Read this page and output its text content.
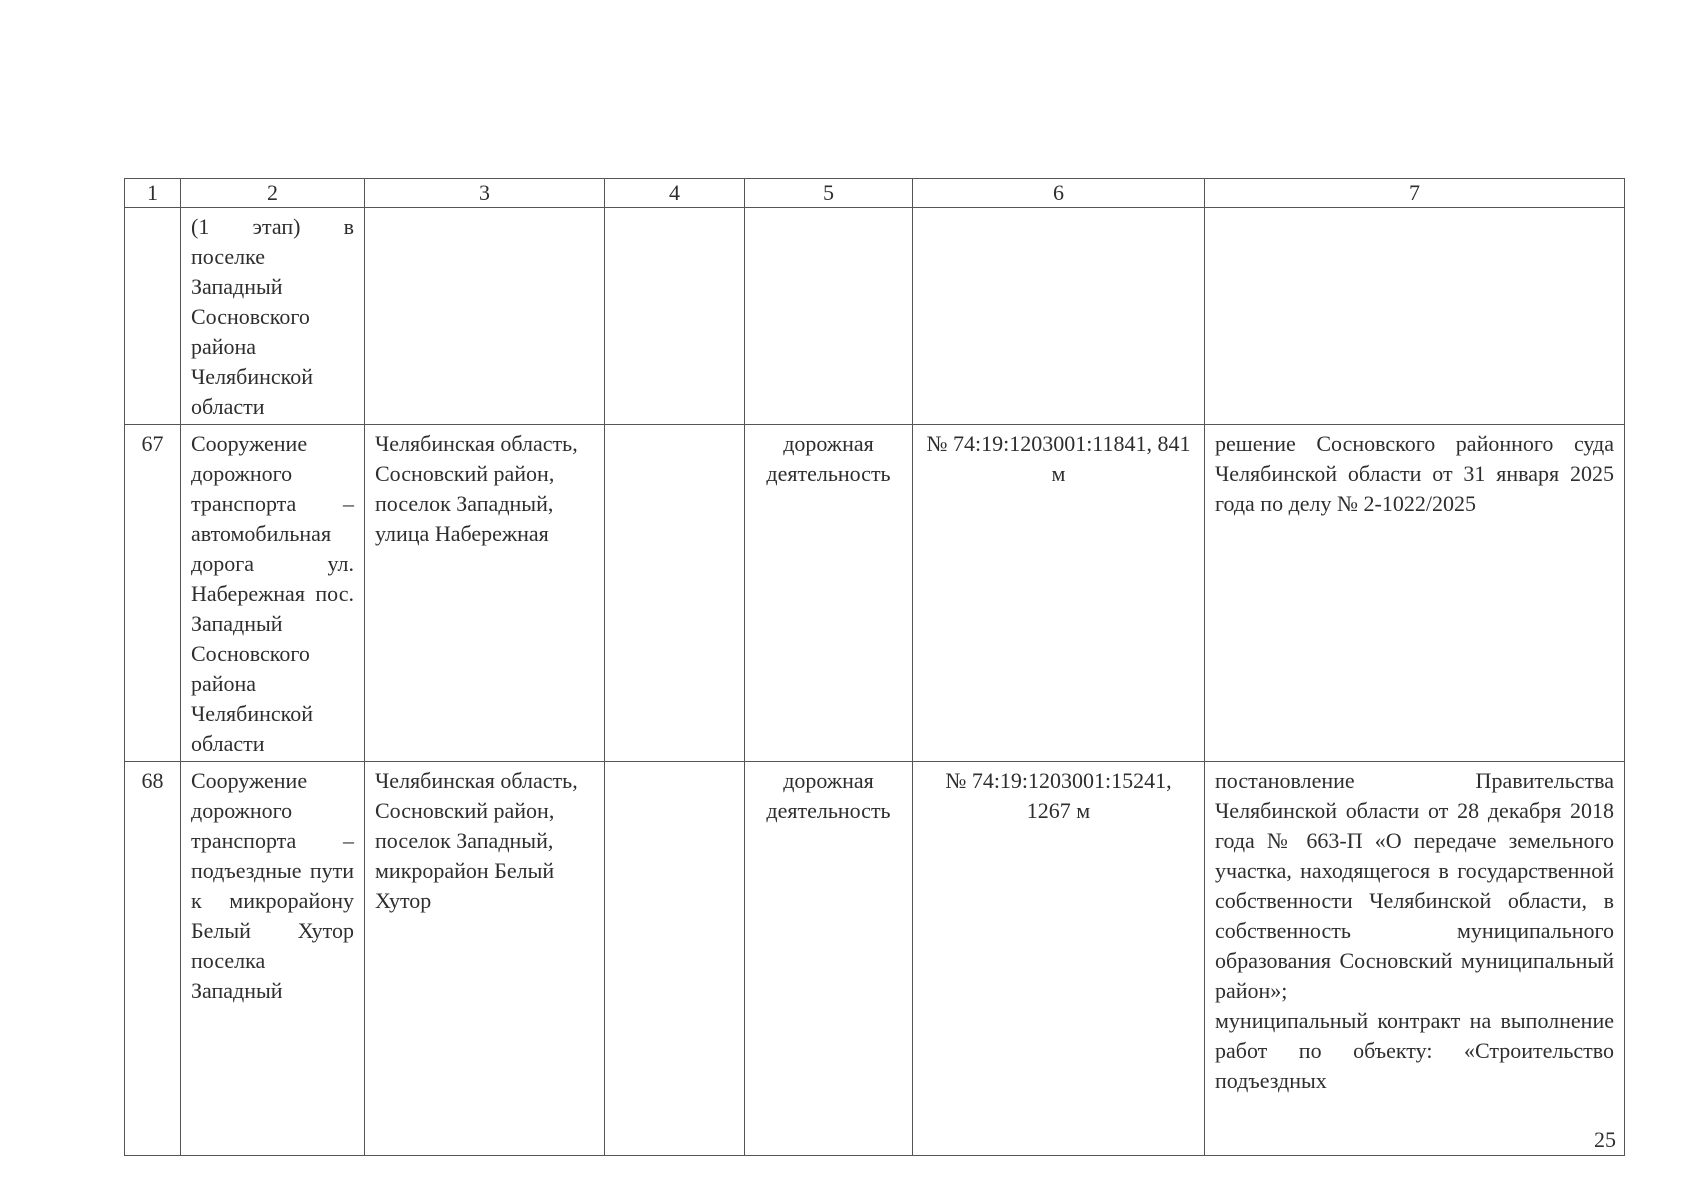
1	2	3	4	5	6	7
	(1 этап) в поселке Западный Сосновского района Челябинской области					
67	Сооружение дорожного транспорта – автомобильная дорога ул. Набережная пос. Западный Сосновского района Челябинской области	Челябинская область, Сосновский район, поселок Западный, улица Набережная		дорожная деятельность	№ 74:19:1203001:11841, 841 м	решение Сосновского районного суда Челябинской области от 31 января 2025 года по делу № 2-1022/2025
68	Сооружение дорожного транспорта – подъездные пути к микрорайону Белый Хутор поселка Западный	Челябинская область, Сосновский район, поселок Западный, микрорайон Белый Хутор		дорожная деятельность	№ 74:19:1203001:15241, 1267 м	постановление Правительства Челябинской области от 28 декабря 2018 года № 663-П «О передаче земельного участка, находящегося в государственной собственности Челябинской области, в собственность муниципального образования Сосновский муниципальный район»;
муниципальный контракт на выполнение работ по объекту: «Строительство подъездных
25
